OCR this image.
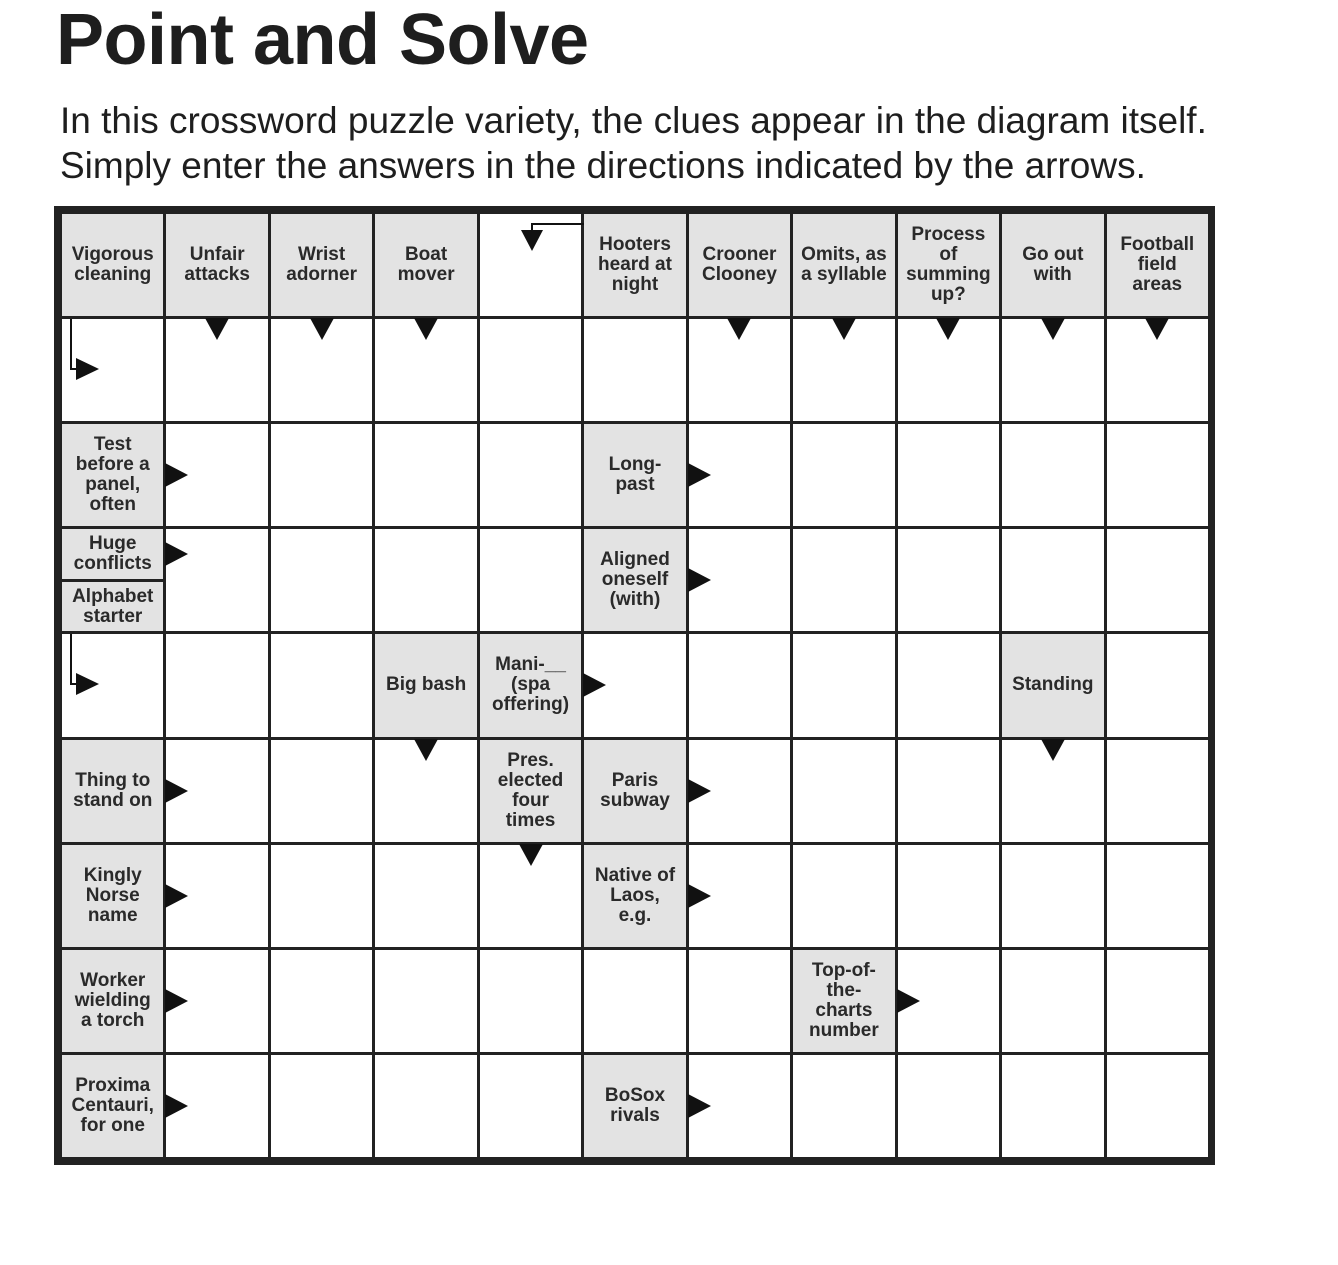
Point and Solve
In this crossword puzzle variety, the clues appear in the diagram itself.
Simply enter the answers in the directions indicated by the arrows.
Vigorous
cleaning
Unfair
attacks
Wrist
adorner
Boat
mover
Hooters
heard at
night
Crooner
Clooney
Omits, as
a syllable
Process
of
summing
up?
Go out
with
Football
field
areas
Test
before a
panel,
often
Long-
past
Huge
conflicts
Alphabet
starter
Aligned
oneself
(with)
Big bash
Mani-__
(spa
offering)
Standing
Thing to
stand on
Pres.
elected
four
times
Paris
subway
Kingly
Norse
name
Native of
Laos,
e.g.
Worker
wielding
a torch
Top-of-
the-
charts
number
Proxima
Centauri,
for one
BoSox
rivals
